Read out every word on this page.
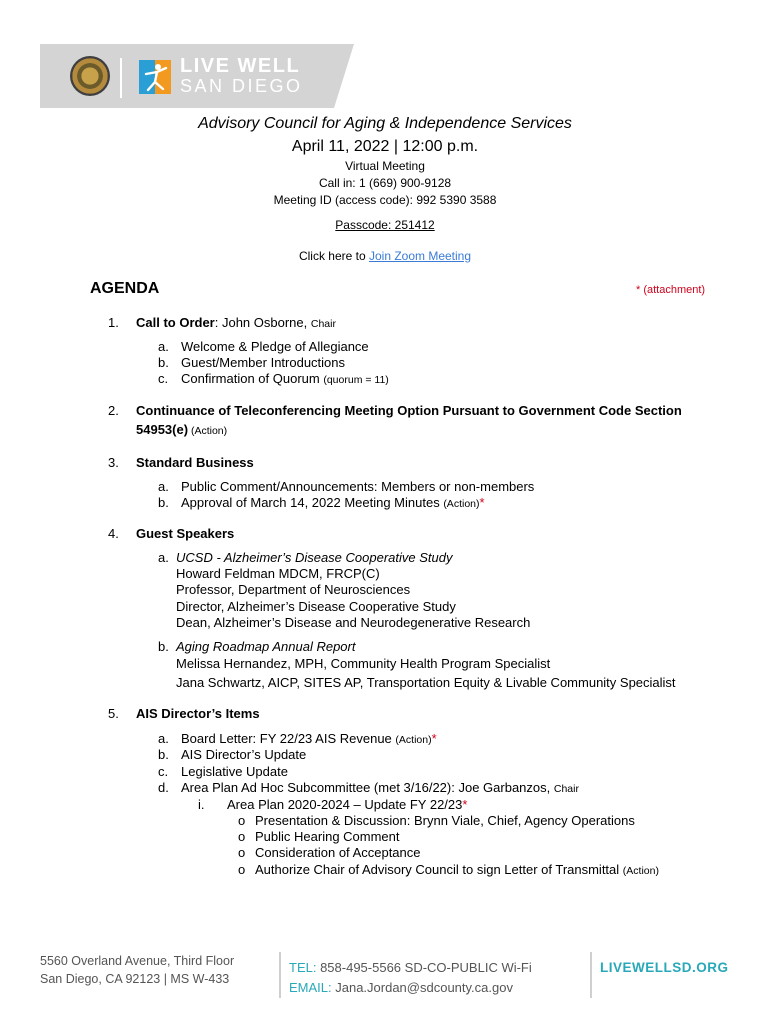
LIVE WELL
SAN DIEGO
Advisory Council for Aging & Independence Services
April 11, 2022 | 12:00 p.m.
Virtual Meeting
Call in: 1 (669) 900-9128
Meeting ID (access code): 992 5390 3588
Passcode: 251412
Click here to Join Zoom Meeting
AGENDA	* (attachment)
1. Call to Order: John Osborne, Chair
a. Welcome & Pledge of Allegiance
b. Guest/Member Introductions
c. Confirmation of Quorum (quorum = 11)
2. Continuance of Teleconferencing Meeting Option Pursuant to Government Code Section
54953(e) (Action)
3. Standard Business
a. Public Comment/Announcements: Members or non-members
b. Approval of March 14, 2022 Meeting Minutes (Action)*
4. Guest Speakers
a. UCSD - Alzheimer’s Disease Cooperative Study
Howard Feldman MDCM, FRCP(C)
Professor, Department of Neurosciences
Director, Alzheimer’s Disease Cooperative Study
Dean, Alzheimer’s Disease and Neurodegenerative Research
b. Aging Roadmap Annual Report
Melissa Hernandez, MPH, Community Health Program Specialist
Jana Schwartz, AICP, SITES AP, Transportation Equity & Livable Community Specialist
5. AIS Director’s Items
a. Board Letter: FY 22/23 AIS Revenue (Action)*
b. AIS Director’s Update
c. Legislative Update
d. Area Plan Ad Hoc Subcommittee (met 3/16/22): Joe Garbanzos, Chair
i. Area Plan 2020-2024 – Update FY 22/23*
o Presentation & Discussion: Brynn Viale, Chief, Agency Operations
o Public Hearing Comment
o Consideration of Acceptance
o Authorize Chair of Advisory Council to sign Letter of Transmittal (Action)
5560 Overland Avenue, Third Floor
San Diego, CA 92123 | MS W-433
TEL: 858-495-5566 SD-CO-PUBLIC Wi-Fi
EMAIL: Jana.Jordan@sdcounty.ca.gov
LIVEWELLSD.ORG
